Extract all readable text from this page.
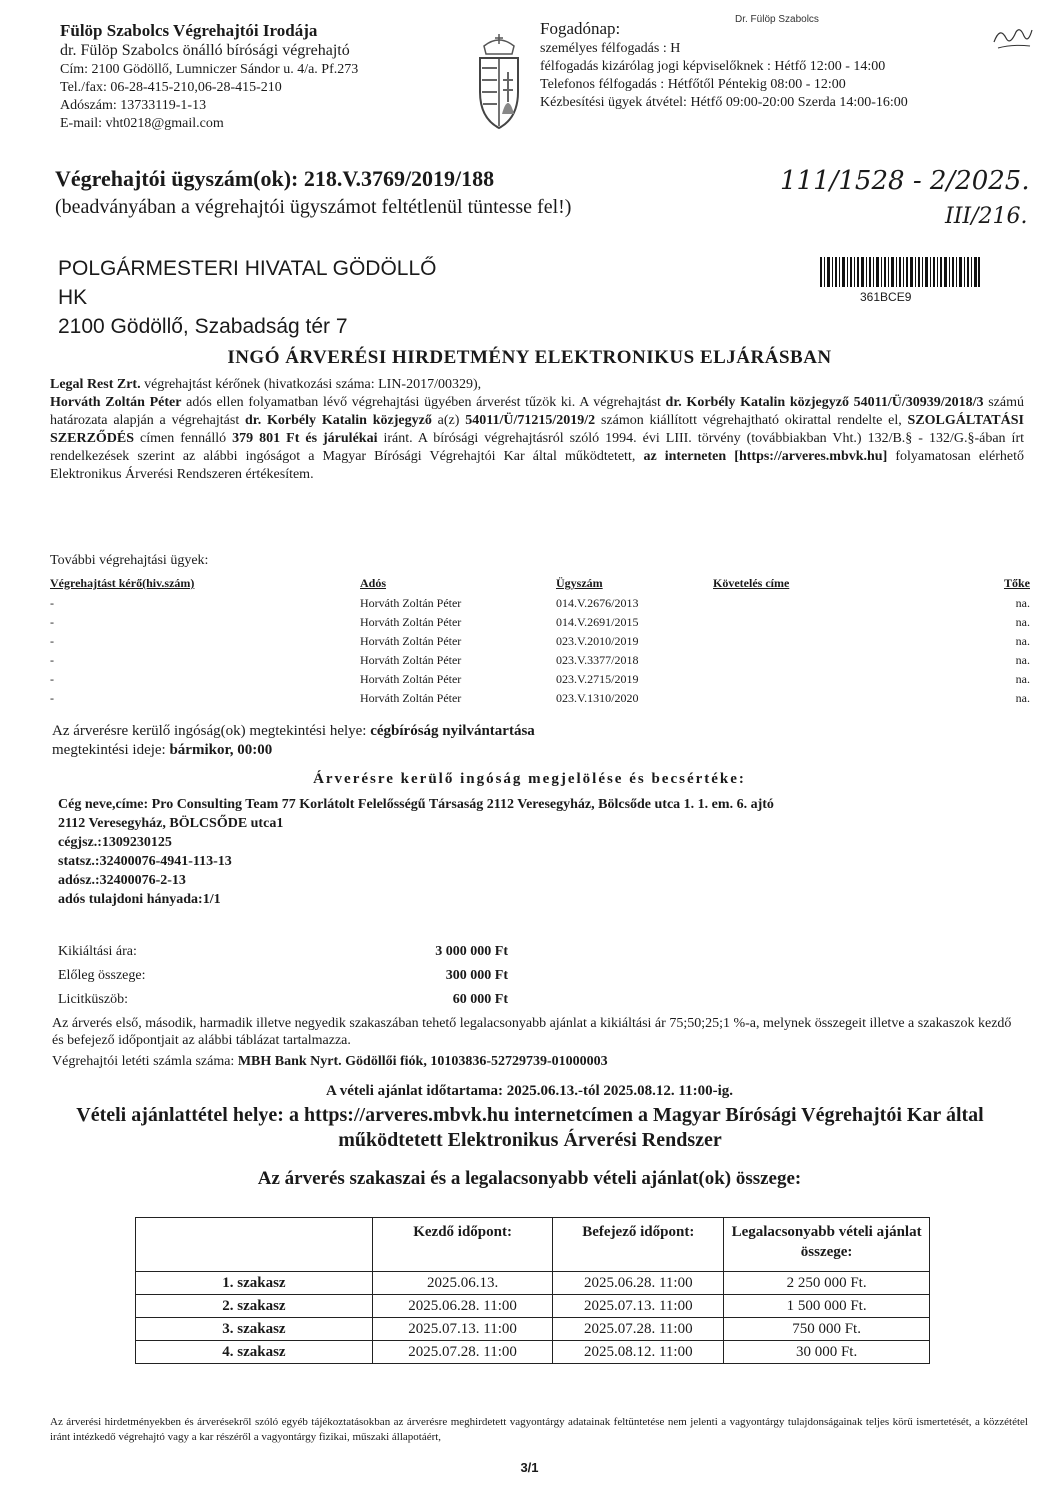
Fülöp Szabolcs Végrehajtói Irodája
dr. Fülöp Szabolcs önálló bírósági végrehajtó
Cím: 2100 Gödöllő, Lumniczer Sándor u. 4/a. Pf.273
Tel./fax: 06-28-415-210,06-28-415-210
Adószám: 13733119-1-13
E-mail: vht0218@gmail.com
Fogadónap:
személyes félfogadás : H
félfogadás kizárólag jogi képviselőknek : Hétfő 12:00 - 14:00
Telefonos félfogadás : Hétfőtől Péntekig 08:00 - 12:00
Kézbesítési ügyek átvétel: Hétfő 09:00-20:00 Szerda 14:00-16:00
Dr. Fülöp Szabolcs
Végrehajtói ügyszám(ok): 218.V.3769/2019/188
(beadványában a végrehajtói ügyszámot feltétlenül tüntesse fel!)
111/1528 - 2/2025.
III/216.
POLGÁRMESTERI HIVATAL GÖDÖLLŐ
HK
2100 Gödöllő, Szabadság tér 7
361BCE9
INGÓ ÁRVERÉSI HIRDETMÉNY ELEKTRONIKUS ELJÁRÁSBAN
Legal Rest Zrt. végrehajtást kérőnek (hivatkozási száma: LIN-2017/00329),
Horváth Zoltán Péter adós ellen folyamatban lévő végrehajtási ügyében árverést tűzök ki. A végrehajtást dr. Korbély Katalin közjegyző 54011/Ü/30939/2018/3 számú határozata alapján a végrehajtást dr. Korbély Katalin közjegyző a(z) 54011/Ü/71215/2019/2 számon kiállított végrehajtható okirattal rendelte el, SZOLGÁLTATÁSI SZERZŐDÉS címen fennálló 379 801 Ft és járulékai iránt. A bírósági végrehajtásról szóló 1994. évi LIII. törvény (továbbiakban Vht.) 132/B.§ - 132/G.§-ában írt rendelkezések szerint az alábbi ingóságot a Magyar Bírósági Végrehajtói Kar által működtetett, az interneten [https://arveres.mbvk.hu] folyamatosan elérhető Elektronikus Árverési Rendszeren értékesítem.
További végrehajtási ügyek:
Végrehajtást kérő(hiv.szám)	Adós	Ügyszám	Követelés címe	Tőke
-	Horváth Zoltán Péter	014.V.2676/2013		na.
-	Horváth Zoltán Péter	014.V.2691/2015		na.
-	Horváth Zoltán Péter	023.V.2010/2019		na.
-	Horváth Zoltán Péter	023.V.3377/2018		na.
-	Horváth Zoltán Péter	023.V.2715/2019		na.
-	Horváth Zoltán Péter	023.V.1310/2020		na.
Az árverésre kerülő ingóság(ok) megtekintési helye: cégbíróság nyilvántartása
megtekintési ideje: bármikor, 00:00
Árverésre kerülő ingóság megjelölése és becsértéke:
Cég neve,címe: Pro Consulting Team 77 Korlátolt Felelősségű Társaság 2112 Veresegyház, Bölcsőde utca 1. 1. em. 6. ajtó
2112 Veresegyház, BÖLCSŐDE utca1
cégjsz.:1309230125
statsz.:32400076-4941-113-13
adósz.:32400076-2-13
adós tulajdoni hányada:1/1
Kikiáltási ára:	3 000 000 Ft
Előleg összege:	300 000 Ft
Licitküszöb:	60 000 Ft
Az árverés első, második, harmadik illetve negyedik szakaszában tehető legalacsonyabb ajánlat a kikiáltási ár 75;50;25;1 %-a, melynek összegeit illetve a szakaszok kezdő és befejező időpontjait az alábbi táblázat tartalmazza.
Végrehajtói letéti számla száma: MBH Bank Nyrt. Gödöllői fiók, 10103836-52729739-01000003
A vételi ajánlat időtartama: 2025.06.13.-tól 2025.08.12. 11:00-ig.
Vételi ajánlattétel helye: a https://arveres.mbvk.hu internetcímen a Magyar Bírósági Végrehajtói Kar által működtetett Elektronikus Árverési Rendszer
Az árverés szakaszai és a legalacsonyabb vételi ajánlat(ok) összege:
	Kezdő időpont:	Befejező időpont:	Legalacsonyabb vételi ajánlat összege:
1. szakasz	2025.06.13.	2025.06.28. 11:00	2 250 000 Ft.
2. szakasz	2025.06.28. 11:00	2025.07.13. 11:00	1 500 000 Ft.
3. szakasz	2025.07.13. 11:00	2025.07.28. 11:00	750 000 Ft.
4. szakasz	2025.07.28. 11:00	2025.08.12. 11:00	30 000 Ft.
Az árverési hirdetményekben és árverésekről szóló egyéb tájékoztatásokban az árverésre meghirdetett vagyontárgy adatainak feltüntetése nem jelenti a vagyontárgy tulajdonságainak teljes körű ismertetését, a közzététel iránt intézkedő végrehajtó vagy a kar részéről a vagyontárgy fizikai, műszaki állapotáért,
3/1
